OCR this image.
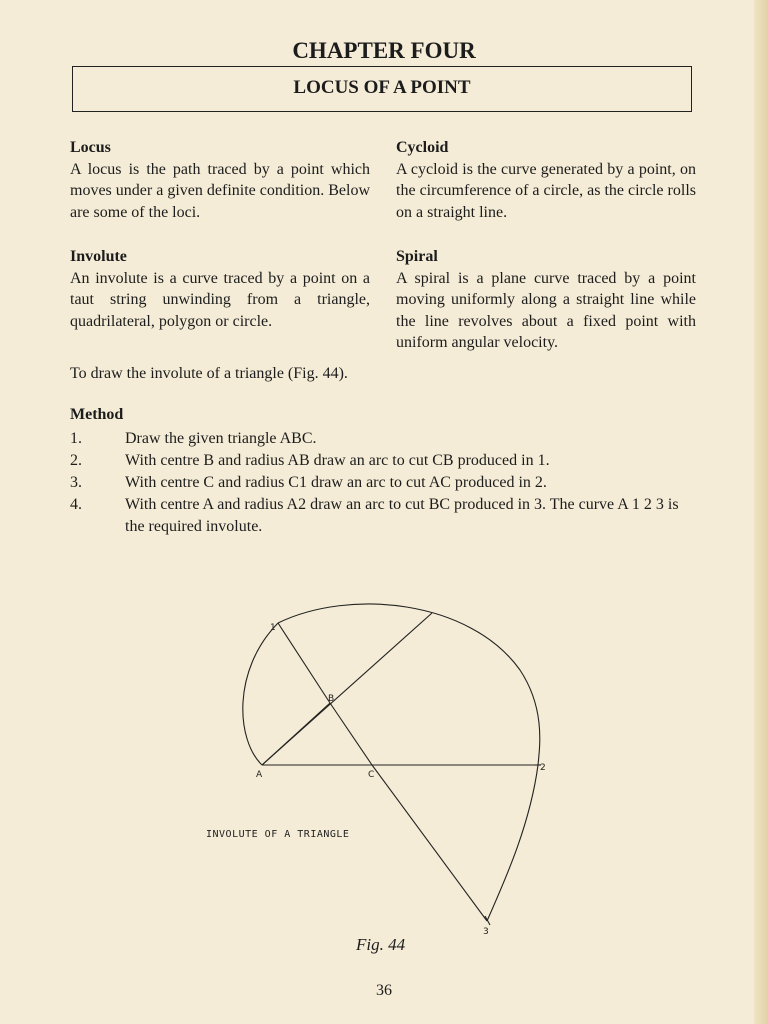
CHAPTER FOUR
LOCUS OF A POINT
Locus

A locus is the path traced by a point which moves under a given definite condition. Below are some of the loci.

Cycloid

A cycloid is the curve generated by a point, on the circumference of a circle, as the circle rolls on a straight line.

Involute

An involute is a curve traced by a point on a taut string unwinding from a triangle, quadrilateral, polygon or circle.

Spiral

A spiral is a plane curve traced by a point moving uniformly along a straight line while the line revolves about a fixed point with uniform angular velocity.

To draw the involute of a triangle (Fig. 44).
Method
1.	Draw the given triangle ABC.
2.	With centre B and radius AB draw an arc to cut CB produced in 1.
3.	With centre C and radius C1 draw an arc to cut AC produced in 2.
4.	With centre A and radius A2 draw an arc to cut BC produced in 3. The curve A 1 2 3 is the required involute.
1
B
A	C
2
3
INVOLUTE OF A TRIANGLE
Fig. 44
36
